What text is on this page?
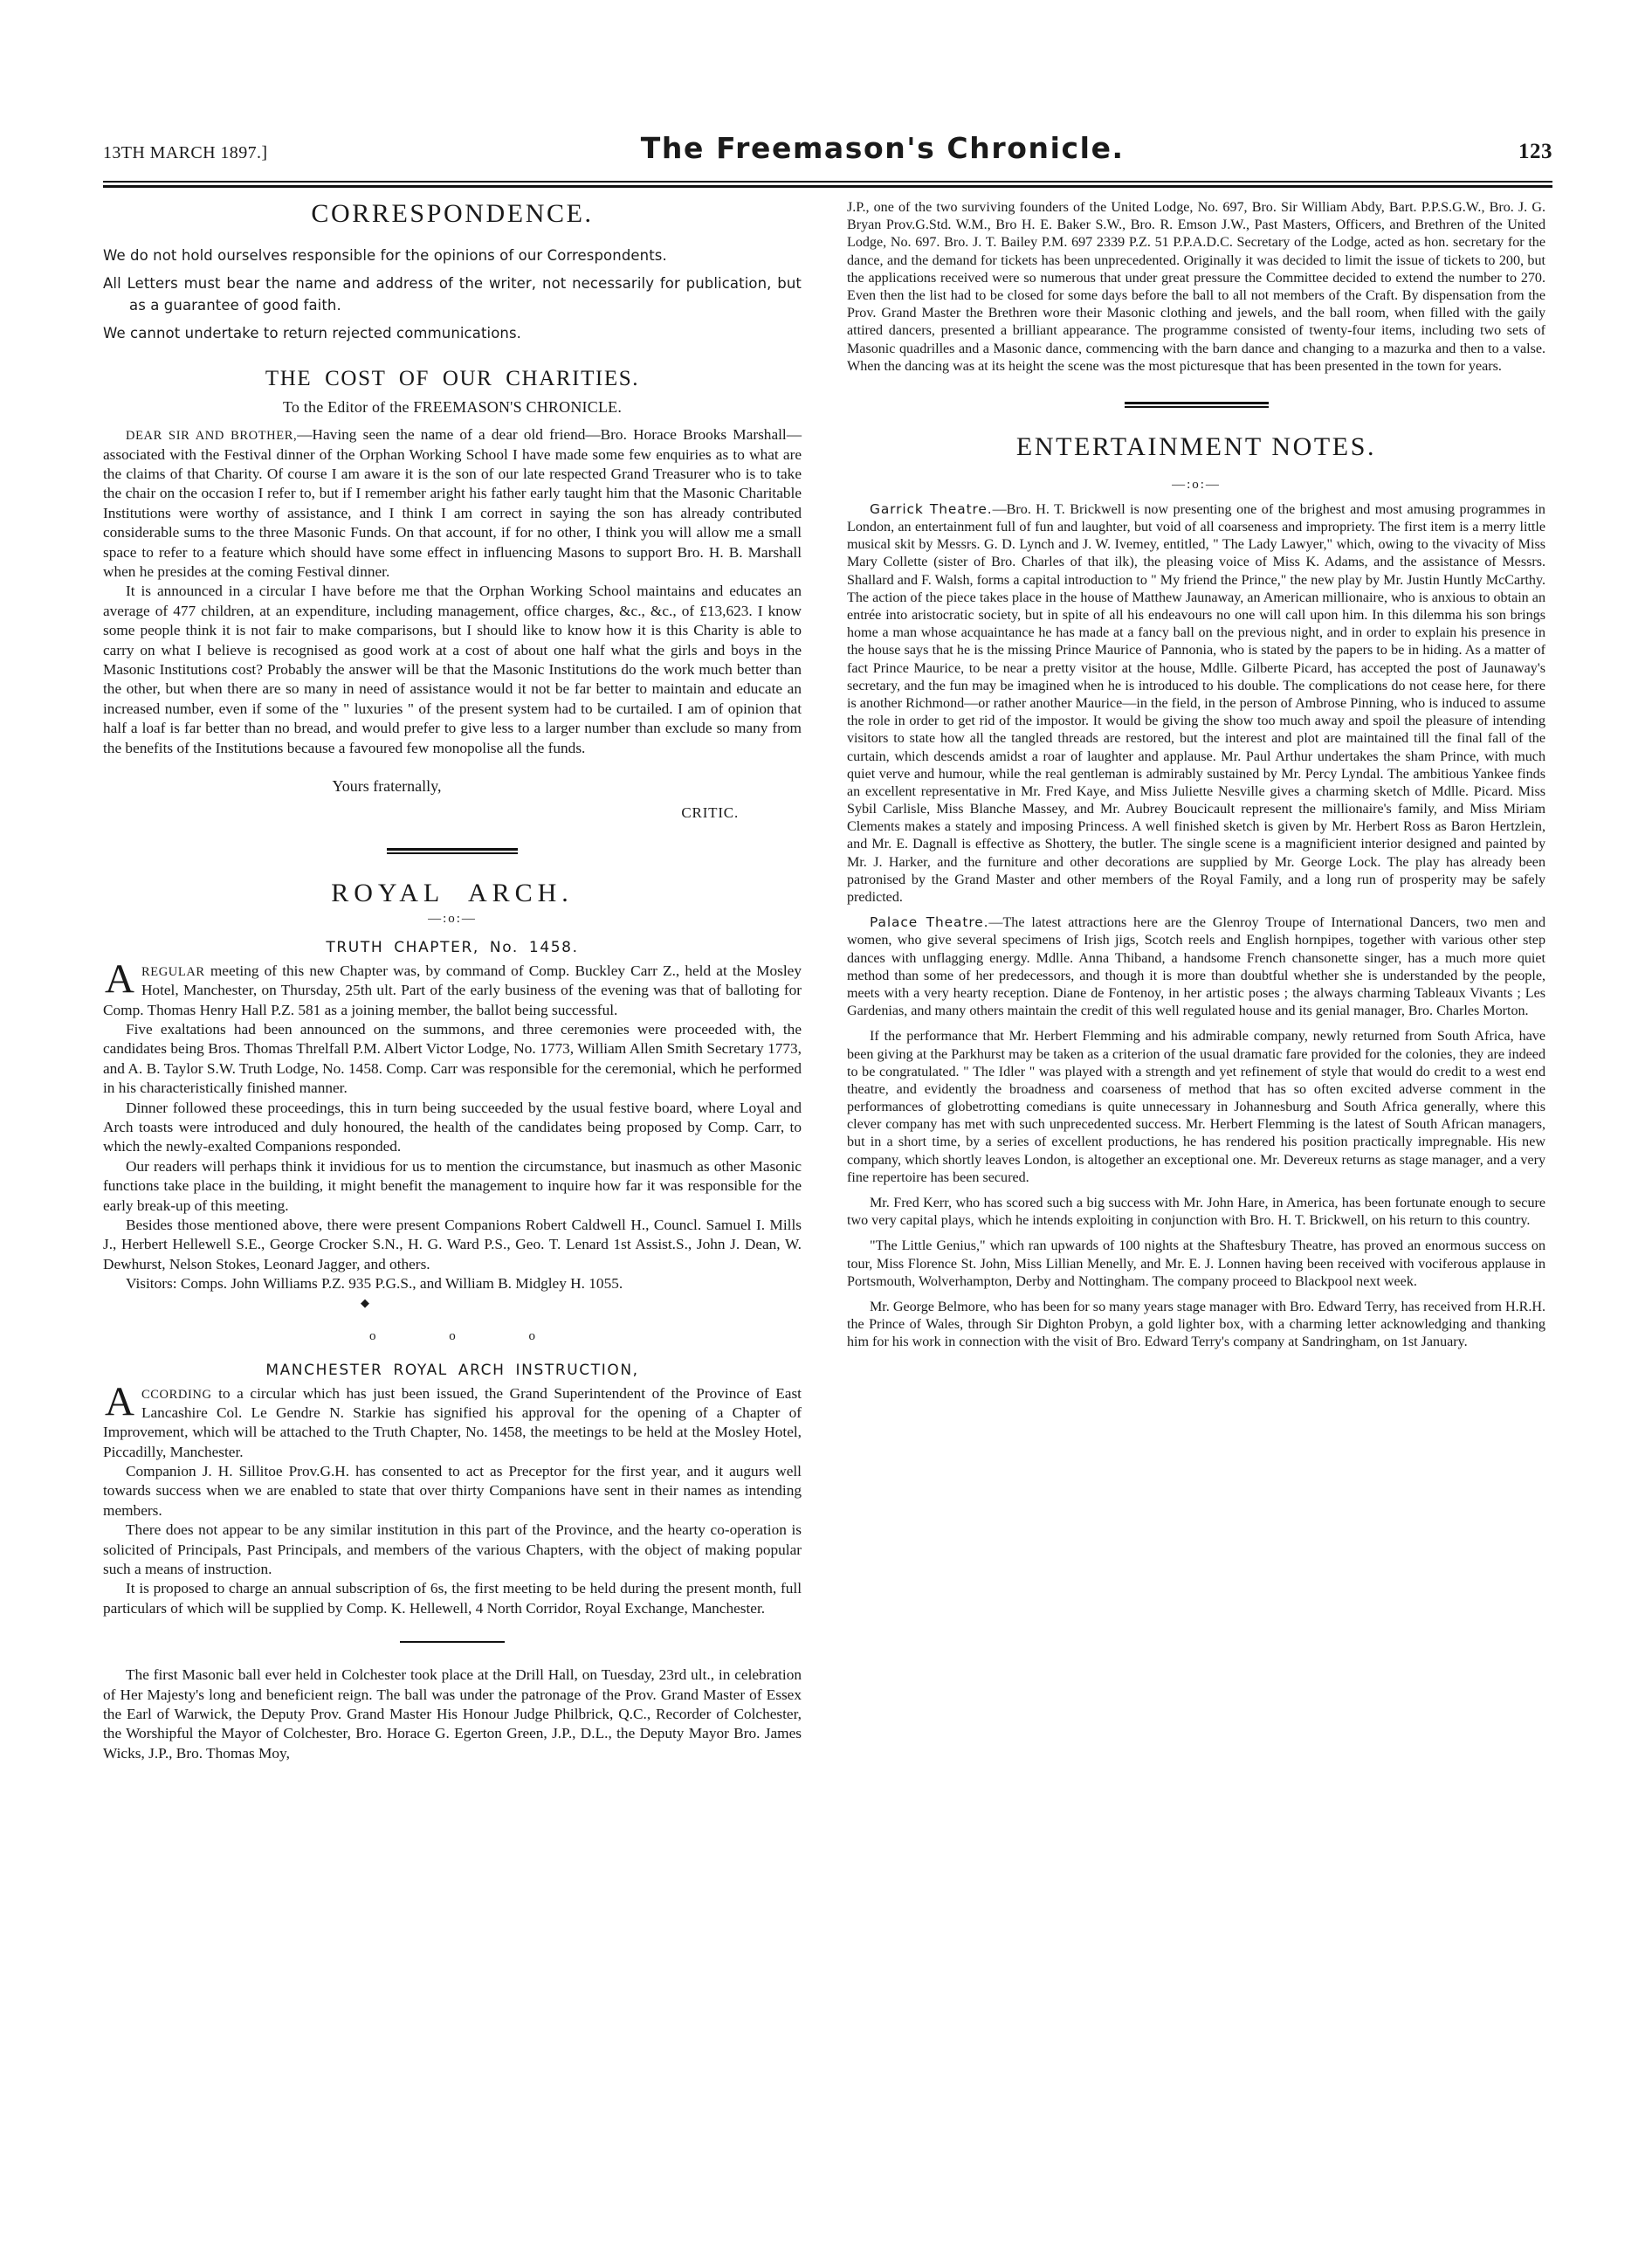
13TH MARCH 1897.]	The Freemason's Chronicle.	123
CORRESPONDENCE.

We do not hold ourselves responsible for the opinions of our Correspondents.

All Letters must bear the name and address of the writer, not necessarily for publication, but as a guarantee of good faith.

We cannot undertake to return rejected communications.

THE COST OF OUR CHARITIES.
To the Editor of the FREEMASON'S CHRONICLE.

DEAR SIR AND BROTHER,—Having seen the name of a dear old friend—Bro. Horace Brooks Marshall—associated with the Festival dinner of the Orphan Working School I have made some few enquiries as to what are the claims of that Charity. Of course I am aware it is the son of our late respected Grand Treasurer who is to take the chair on the occasion I refer to, but if I remember aright his father early taught him that the Masonic Charitable Institutions were worthy of assistance, and I think I am correct in saying the son has already contributed considerable sums to the three Masonic Funds. On that account, if for no other, I think you will allow me a small space to refer to a feature which should have some effect in influencing Masons to support Bro. H. B. Marshall when he presides at the coming Festival dinner.

It is announced in a circular I have before me that the Orphan Working School maintains and educates an average of 477 children, at an expenditure, including management, office charges, &c., &c., of £13,623. I know some people think it is not fair to make comparisons, but I should like to know how it is this Charity is able to carry on what I believe is recognised as good work at a cost of about one half what the girls and boys in the Masonic Institutions cost? Probably the answer will be that the Masonic Institutions do the work much better than the other, but when there are so many in need of assistance would it not be far better to maintain and educate an increased number, even if some of the " luxuries " of the present system had to be curtailed. I am of opinion that half a loaf is far better than no bread, and would prefer to give less to a larger number than exclude so many from the benefits of the Institutions because a favoured few monopolise all the funds.

Yours fraternally,

CRITIC.

ROYAL ARCH.
—:o:—
TRUTH CHAPTER, No. 1458.

AREGULAR meeting of this new Chapter was, by command of Comp. Buckley Carr Z., held at the Mosley Hotel, Manchester, on Thursday, 25th ult. Part of the early business of the evening was that of balloting for Comp. Thomas Henry Hall P.Z. 581 as a joining member, the ballot being successful.

Five exaltations had been announced on the summons, and three ceremonies were proceeded with, the candidates being Bros. Thomas Threlfall P.M. Albert Victor Lodge, No. 1773, William Allen Smith Secretary 1773, and A. B. Taylor S.W. Truth Lodge, No. 1458. Comp. Carr was responsible for the ceremonial, which he performed in his characteristically finished manner.

Dinner followed these proceedings, this in turn being succeeded by the usual festive board, where Loyal and Arch toasts were introduced and duly honoured, the health of the candidates being proposed by Comp. Carr, to which the newly-exalted Companions responded.

Our readers will perhaps think it invidious for us to mention the circumstance, but inasmuch as other Masonic functions take place in the building, it might benefit the management to inquire how far it was responsible for the early break-up of this meeting.

Besides those mentioned above, there were present Companions Robert Caldwell H., Councl. Samuel I. Mills J., Herbert Hellewell S.E., George Crocker S.N., H. G. Ward P.S., Geo. T. Lenard 1st Assist.S., John J. Dean, W. Dewhurst, Nelson Stokes, Leonard Jagger, and others.

Visitors: Comps. John Williams P.Z. 935 P.G.S., and William B. Midgley H. 1055.

◆
o o o
MANCHESTER ROYAL ARCH INSTRUCTION,

ACCORDING to a circular which has just been issued, the Grand Superintendent of the Province of East Lancashire Col. Le Gendre N. Starkie has signified his approval for the opening of a Chapter of Improvement, which will be attached to the Truth Chapter, No. 1458, the meetings to be held at the Mosley Hotel, Piccadilly, Manchester.

Companion J. H. Sillitoe Prov.G.H. has consented to act as Preceptor for the first year, and it augurs well towards success when we are enabled to state that over thirty Companions have sent in their names as intending members.

There does not appear to be any similar institution in this part of the Province, and the hearty co-operation is solicited of Principals, Past Principals, and members of the various Chapters, with the object of making popular such a means of instruction.

It is proposed to charge an annual subscription of 6s, the first meeting to be held during the present month, full particulars of which will be supplied by Comp. K. Hellewell, 4 North Corridor, Royal Exchange, Manchester.

The first Masonic ball ever held in Colchester took place at the Drill Hall, on Tuesday, 23rd ult., in celebration of Her Majesty's long and beneficient reign. The ball was under the patronage of the Prov. Grand Master of Essex the Earl of Warwick, the Deputy Prov. Grand Master His Honour Judge Philbrick, Q.C., Recorder of Colchester, the Worshipful the Mayor of Colchester, Bro. Horace G. Egerton Green, J.P., D.L., the Deputy Mayor Bro. James Wicks, J.P., Bro. Thomas Moy,

J.P., one of the two surviving founders of the United Lodge, No. 697, Bro. Sir William Abdy, Bart. P.P.S.G.W., Bro. J. G. Bryan Prov.G.Std. W.M., Bro H. E. Baker S.W., Bro. R. Emson J.W., Past Masters, Officers, and Brethren of the United Lodge, No. 697. Bro. J. T. Bailey P.M. 697 2339 P.Z. 51 P.P.A.D.C. Secretary of the Lodge, acted as hon. secretary for the dance, and the demand for tickets has been unprecedented. Originally it was decided to limit the issue of tickets to 200, but the applications received were so numerous that under great pressure the Committee decided to extend the number to 270. Even then the list had to be closed for some days before the ball to all not members of the Craft. By dispensation from the Prov. Grand Master the Brethren wore their Masonic clothing and jewels, and the ball room, when filled with the gaily attired dancers, presented a brilliant appearance. The programme consisted of twenty-four items, including two sets of Masonic quadrilles and a Masonic dance, commencing with the barn dance and changing to a mazurka and then to a valse. When the dancing was at its height the scene was the most picturesque that has been presented in the town for years.

ENTERTAINMENT NOTES.
—:o:—

Garrick Theatre.—Bro. H. T. Brickwell is now presenting one of the brighest and most amusing programmes in London, an entertainment full of fun and laughter, but void of all coarseness and impropriety. The first item is a merry little musical skit by Messrs. G. D. Lynch and J. W. Ivemey, entitled, " The Lady Lawyer," which, owing to the vivacity of Miss Mary Collette (sister of Bro. Charles of that ilk), the pleasing voice of Miss K. Adams, and the assistance of Messrs. Shallard and F. Walsh, forms a capital introduction to " My friend the Prince," the new play by Mr. Justin Huntly McCarthy. The action of the piece takes place in the house of Matthew Jaunaway, an American millionaire, who is anxious to obtain an entrée into aristocratic society, but in spite of all his endeavours no one will call upon him. In this dilemma his son brings home a man whose acquaintance he has made at a fancy ball on the previous night, and in order to explain his presence in the house says that he is the missing Prince Maurice of Pannonia, who is stated by the papers to be in hiding. As a matter of fact Prince Maurice, to be near a pretty visitor at the house, Mdlle. Gilberte Picard, has accepted the post of Jaunaway's secretary, and the fun may be imagined when he is introduced to his double. The complications do not cease here, for there is another Richmond—or rather another Maurice—in the field, in the person of Ambrose Pinning, who is induced to assume the role in order to get rid of the impostor. It would be giving the show too much away and spoil the pleasure of intending visitors to state how all the tangled threads are restored, but the interest and plot are maintained till the final fall of the curtain, which descends amidst a roar of laughter and applause. Mr. Paul Arthur undertakes the sham Prince, with much quiet verve and humour, while the real gentleman is admirably sustained by Mr. Percy Lyndal. The ambitious Yankee finds an excellent representative in Mr. Fred Kaye, and Miss Juliette Nesville gives a charming sketch of Mdlle. Picard. Miss Sybil Carlisle, Miss Blanche Massey, and Mr. Aubrey Boucicault represent the millionaire's family, and Miss Miriam Clements makes a stately and imposing Princess. A well finished sketch is given by Mr. Herbert Ross as Baron Hertzlein, and Mr. E. Dagnall is effective as Shottery, the butler. The single scene is a magnificient interior designed and painted by Mr. J. Harker, and the furniture and other decorations are supplied by Mr. George Lock. The play has already been patronised by the Grand Master and other members of the Royal Family, and a long run of prosperity may be safely predicted.

Palace Theatre.—The latest attractions here are the Glenroy Troupe of International Dancers, two men and women, who give several specimens of Irish jigs, Scotch reels and English hornpipes, together with various other step dances with unflagging energy. Mdlle. Anna Thiband, a handsome French chansonette singer, has a much more quiet method than some of her predecessors, and though it is more than doubtful whether she is understanded by the people, meets with a very hearty reception. Diane de Fontenoy, in her artistic poses ; the always charming Tableaux Vivants ; Les Gardenias, and many others maintain the credit of this well regulated house and its genial manager, Bro. Charles Morton.

If the performance that Mr. Herbert Flemming and his admirable company, newly returned from South Africa, have been giving at the Parkhurst may be taken as a criterion of the usual dramatic fare provided for the colonies, they are indeed to be congratulated. " The Idler " was played with a strength and yet refinement of style that would do credit to a west end theatre, and evidently the broadness and coarseness of method that has so often excited adverse comment in the performances of globetrotting comedians is quite unnecessary in Johannesburg and South Africa generally, where this clever company has met with such unprecedented success. Mr. Herbert Flemming is the latest of South African managers, but in a short time, by a series of excellent productions, he has rendered his position practically impregnable. His new company, which shortly leaves London, is altogether an exceptional one. Mr. Devereux returns as stage manager, and a very fine repertoire has been secured.

Mr. Fred Kerr, who has scored such a big success with Mr. John Hare, in America, has been fortunate enough to secure two very capital plays, which he intends exploiting in conjunction with Bro. H. T. Brickwell, on his return to this country.

"The Little Genius," which ran upwards of 100 nights at the Shaftesbury Theatre, has proved an enormous success on tour, Miss Florence St. John, Miss Lillian Menelly, and Mr. E. J. Lonnen having been received with vociferous applause in Portsmouth, Wolverhampton, Derby and Nottingham. The company proceed to Blackpool next week.

Mr. George Belmore, who has been for so many years stage manager with Bro. Edward Terry, has received from H.R.H. the Prince of Wales, through Sir Dighton Probyn, a gold lighter box, with a charming letter acknowledging and thanking him for his work in connection with the visit of Bro. Edward Terry's company at Sandringham, on 1st January.
